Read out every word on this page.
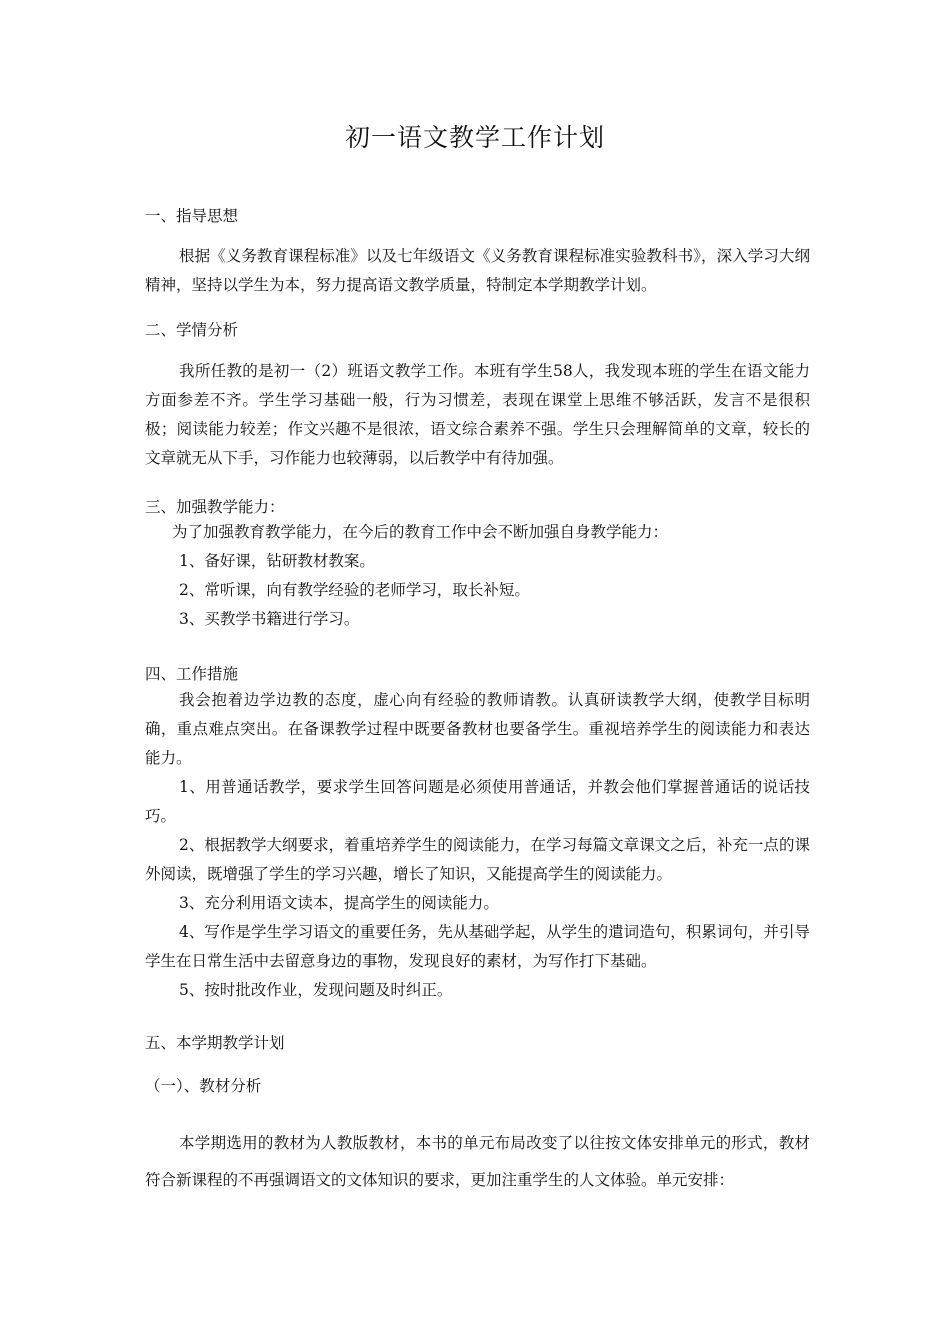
初一语文教学工作计划
一、指导思想
根据《义务教育课程标准》以及七年级语文《义务教育课程标准实验教科书》，深入学习大纲精神，坚持以学生为本，努力提高语文教学质量，特制定本学期教学计划。
二、学情分析
我所任教的是初一（2）班语文教学工作。本班有学生58人，我发现本班的学生在语文能力方面参差不齐。学生学习基础一般，行为习惯差，表现在课堂上思维不够活跃，发言不是很积极；阅读能力较差；作文兴趣不是很浓，语文综合素养不强。学生只会理解简单的文章，较长的文章就无从下手，习作能力也较薄弱，以后教学中有待加强。
三、加强教学能力：
为了加强教育教学能力，在今后的教育工作中会不断加强自身教学能力：
1、备好课，钻研教材教案。
2、常听课，向有教学经验的老师学习，取长补短。
3、买教学书籍进行学习。
四、工作措施
我会抱着边学边教的态度，虚心向有经验的教师请教。认真研读教学大纲，使教学目标明确，重点难点突出。在备课教学过程中既要备教材也要备学生。重视培养学生的阅读能力和表达能力。
1、用普通话教学，要求学生回答问题是必须使用普通话，并教会他们掌握普通话的说话技巧。
2、根据教学大纲要求，着重培养学生的阅读能力，在学习每篇文章课文之后，补充一点的课外阅读，既增强了学生的学习兴趣，增长了知识，又能提高学生的阅读能力。
3、充分利用语文读本，提高学生的阅读能力。
4、写作是学生学习语文的重要任务，先从基础学起，从学生的遣词造句，积累词句，并引导学生在日常生活中去留意身边的事物，发现良好的素材，为写作打下基础。
5、按时批改作业，发现问题及时纠正。
五、本学期教学计划
（一）、教材分析
本学期选用的教材为人教版教材，本书的单元布局改变了以往按文体安排单元的形式，教材符合新课程的不再强调语文的文体知识的要求，更加注重学生的人文体验。单元安排：
